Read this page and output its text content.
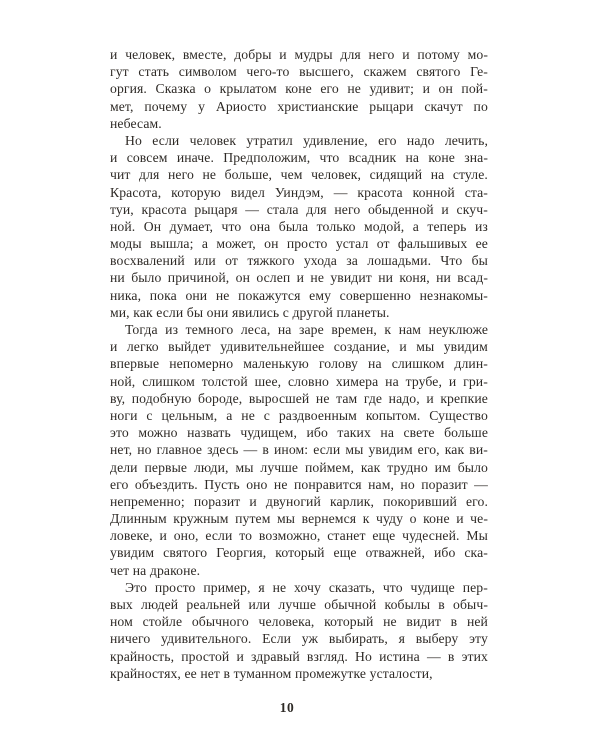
и человек, вместе, добры и мудры для него и потому мо-
гут стать символом чего-то высшего, скажем святого Ге-
оргия. Сказка о крылатом коне его не удивит; и он пой-
мет, почему у Ариосто христианские рыцари скачут по
небесам.
Но если человек утратил удивление, его надо лечить,
и совсем иначе. Предположим, что всадник на коне зна-
чит для него не больше, чем человек, сидящий на стуле.
Красота, которую видел Уиндэм, — красота конной ста-
туи, красота рыцаря — стала для него обыденной и скуч-
ной. Он думает, что она была только модой, а теперь из
моды вышла; а может, он просто устал от фальшивых ее
восхвалений или от тяжкого ухода за лошадьми. Что бы
ни было причиной, он ослеп и не увидит ни коня, ни всад-
ника, пока они не покажутся ему совершенно незнакомы-
ми, как если бы они явились с другой планеты.
Тогда из темного леса, на заре времен, к нам неуклюже
и легко выйдет удивительнейшее создание, и мы увидим
впервые непомерно маленькую голову на слишком длин-
ной, слишком толстой шее, словно химера на трубе, и гри-
ву, подобную бороде, выросшей не там где надо, и крепкие
ноги с цельным, а не с раздвоенным копытом. Существо
это можно назвать чудищем, ибо таких на свете больше
нет, но главное здесь — в ином: если мы увидим его, как ви-
дели первые люди, мы лучше поймем, как трудно им было
его объездить. Пусть оно не понравится нам, но поразит —
непременно; поразит и двуногий карлик, покоривший его.
Длинным кружным путем мы вернемся к чуду о коне и че-
ловеке, и оно, если то возможно, станет еще чудесней. Мы
увидим святого Георгия, который еще отважней, ибо ска-
чет на драконе.
Это просто пример, я не хочу сказать, что чудище пер-
вых людей реальней или лучше обычной кобылы в обыч-
ном стойле обычного человека, который не видит в ней
ничего удивительного. Если уж выбирать, я выберу эту
крайность, простой и здравый взгляд. Но истина — в этих
крайностях, ее нет в туманном промежутке усталости,
10
